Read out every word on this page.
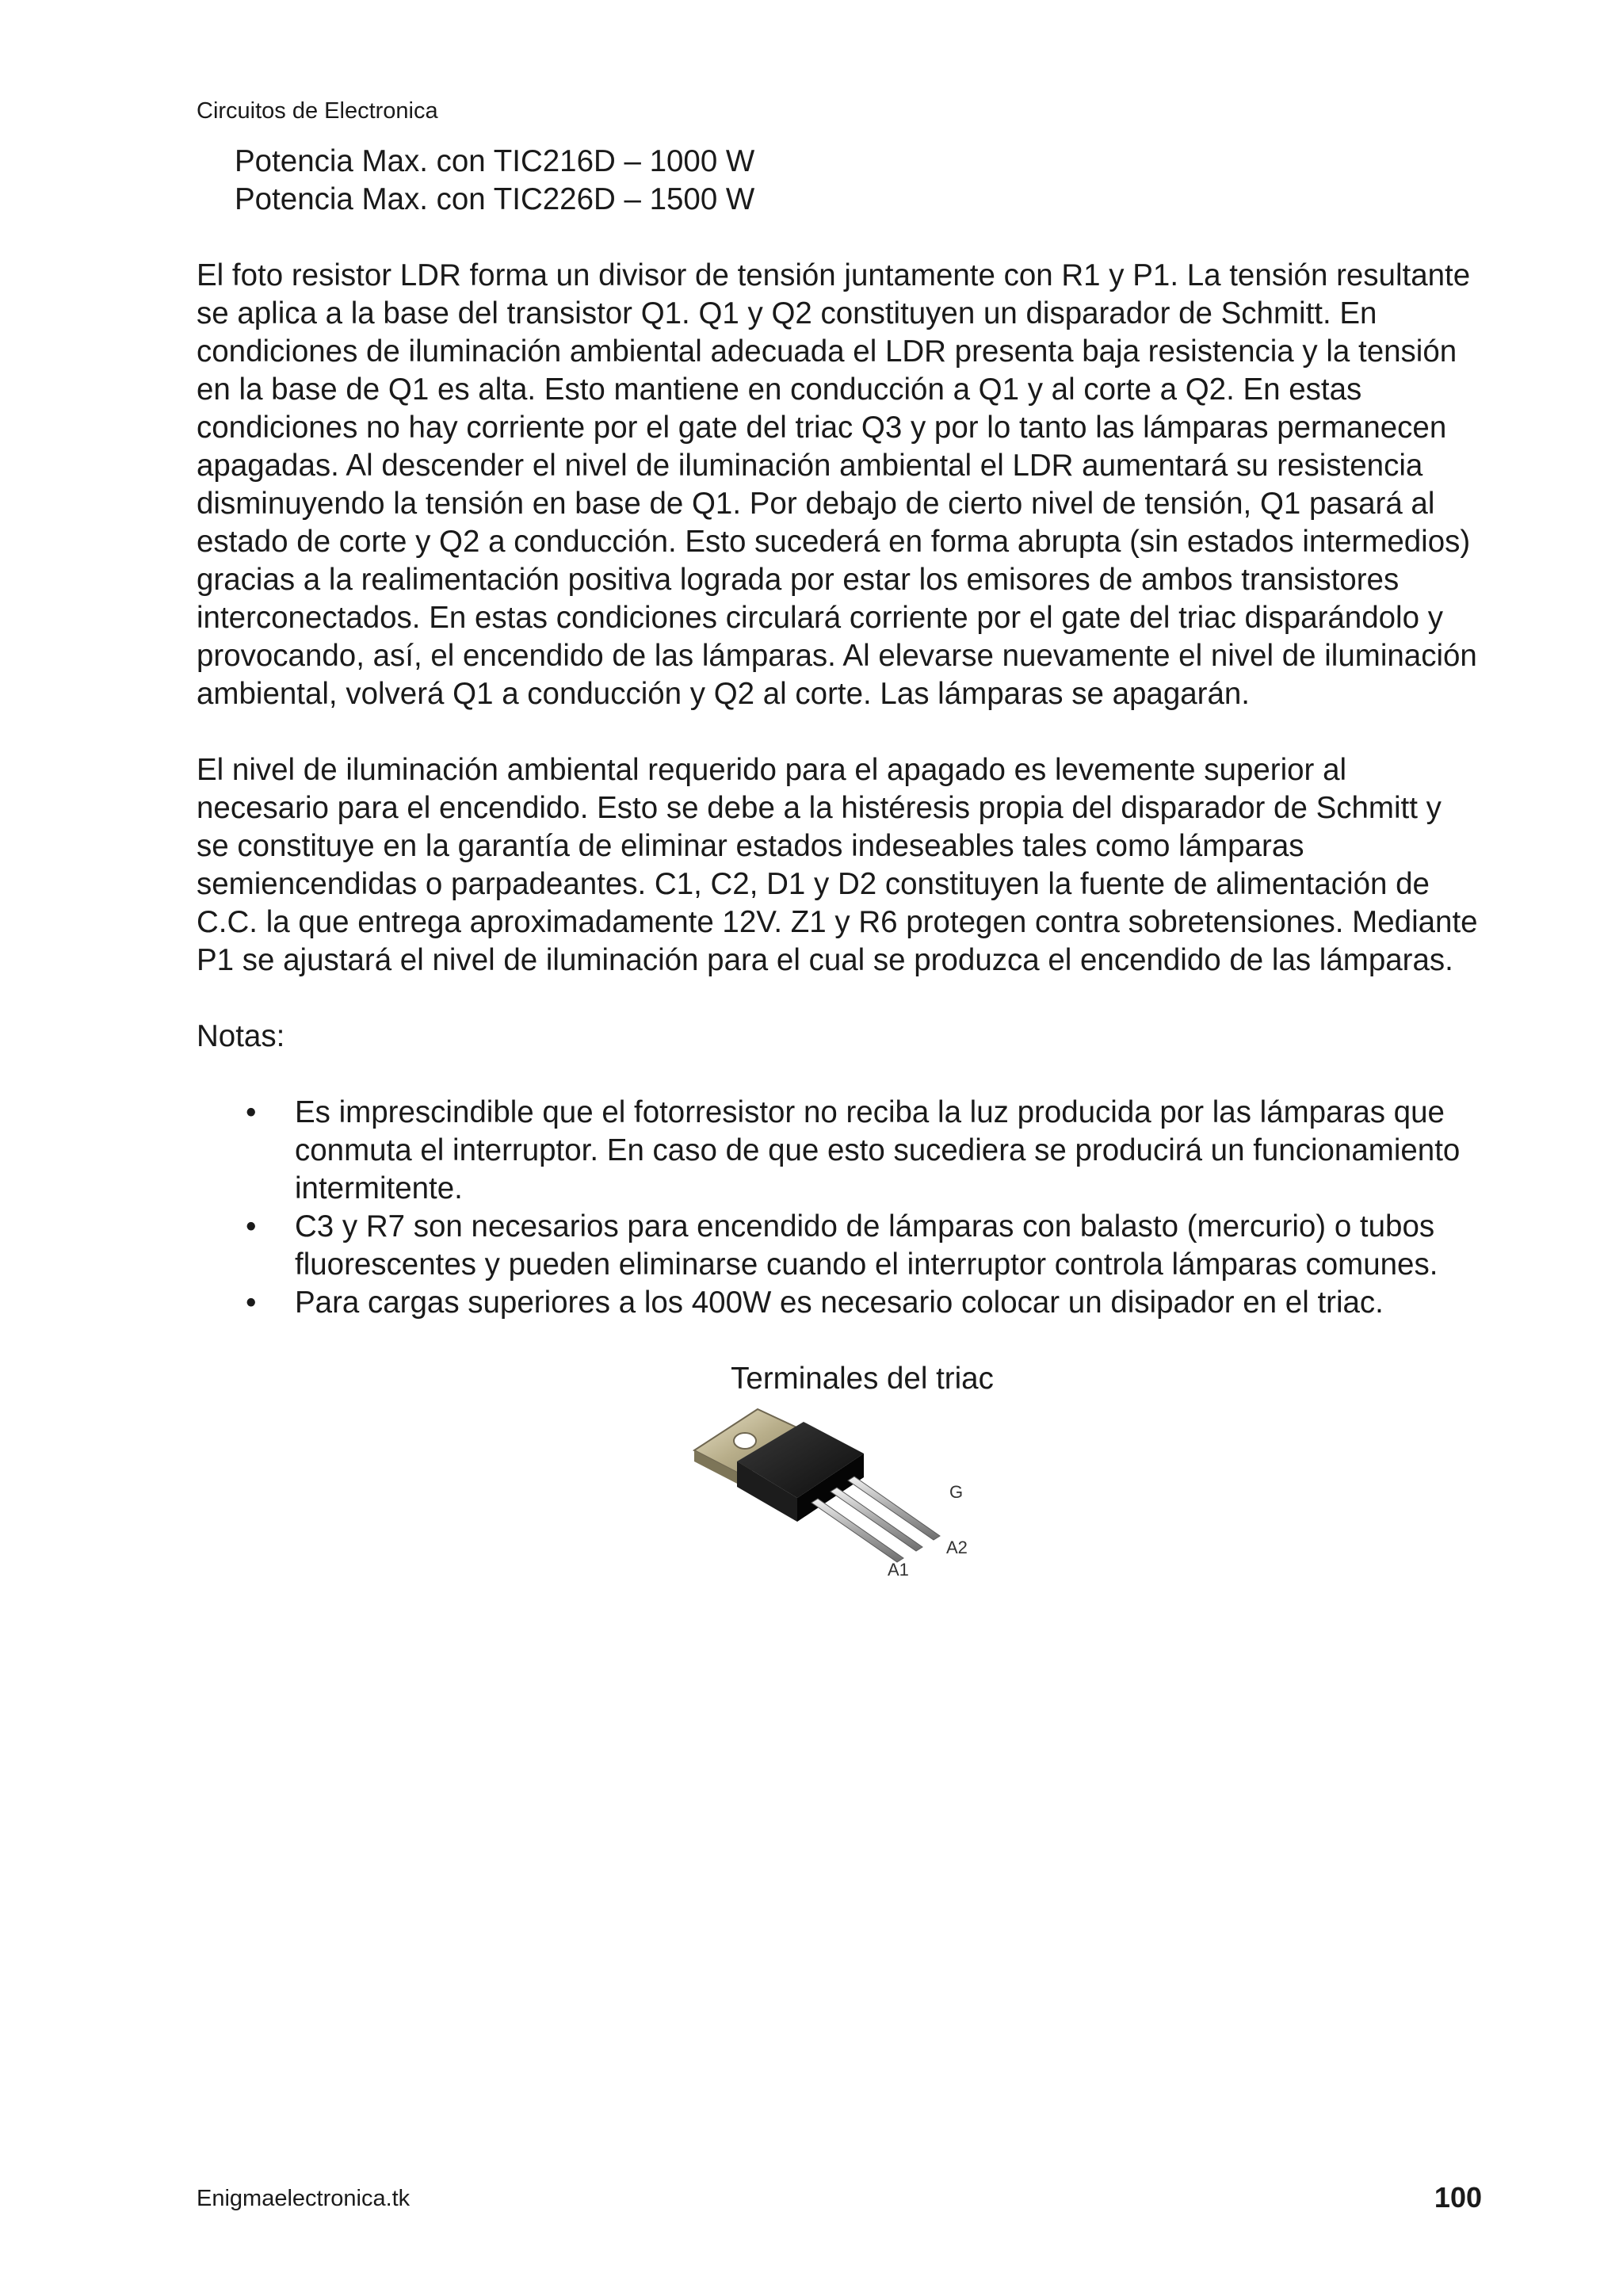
Circuitos de Electronica
Potencia Max. con TIC216D – 1000 W
Potencia Max. con TIC226D – 1500 W

El foto resistor LDR forma un divisor de tensión juntamente con R1 y P1. La tensión resultante se aplica a la base del transistor Q1. Q1 y Q2 constituyen un disparador de Schmitt. En condiciones de iluminación ambiental adecuada el LDR presenta baja resistencia y la tensión en la base de Q1 es alta. Esto mantiene en conducción a Q1 y al corte a Q2. En estas condiciones no hay corriente por el gate del triac Q3 y por lo tanto las lámparas permanecen apagadas. Al descender el nivel de iluminación ambiental el LDR aumentará su resistencia disminuyendo la tensión en base de Q1. Por debajo de cierto nivel de tensión, Q1 pasará al estado de corte y Q2 a conducción. Esto sucederá en forma abrupta (sin estados intermedios) gracias a la realimentación positiva lograda por estar los emisores de ambos transistores interconectados. En estas condiciones circulará corriente por el gate del triac disparándolo y provocando, así, el encendido de las lámparas. Al elevarse nuevamente el nivel de iluminación ambiental, volverá Q1 a conducción y Q2 al corte. Las lámparas se apagarán.

El nivel de iluminación ambiental requerido para el apagado es levemente superior al necesario para el encendido. Esto se debe a la histéresis propia del disparador de Schmitt y se constituye en la garantía de eliminar estados indeseables tales como lámparas semiencendidas o parpadeantes. C1, C2, D1 y D2 constituyen la fuente de alimentación de C.C. la que entrega aproximadamente 12V. Z1 y R6 protegen contra sobretensiones. Mediante P1 se ajustará el nivel de iluminación para el cual se produzca el encendido de las lámparas.

Notas:

• Es imprescindible que el fotorresistor no reciba la luz producida por las lámparas que conmuta el interruptor. En caso de que esto sucediera se producirá un funcionamiento intermitente.
• C3 y R7 son necesarios para encendido de lámparas con balasto (mercurio) o tubos fluorescentes y pueden eliminarse cuando el interruptor controla lámparas comunes.
• Para cargas superiores a los 400W es necesario colocar un disipador en el triac.
Terminales del triac
G
A2
A1
Enigmaelectronica.tk	100
